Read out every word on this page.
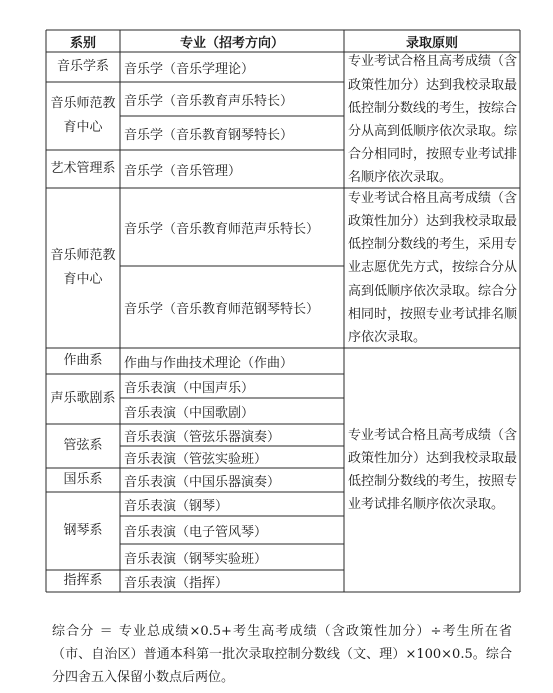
系别	专业（招考方向）	录取原则
音乐学系
音乐师范教育中心
艺术管理系
音乐师范教育中心
作曲系
声乐歌剧系
管弦系
国乐系
钢琴系
指挥系
音乐学（音乐学理论）
音乐学（音乐教育声乐特长）
音乐学（音乐教育钢琴特长）
音乐学（音乐管理）
音乐学（音乐教育师范声乐特长）
音乐学（音乐教育师范钢琴特长）
作曲与作曲技术理论（作曲）
音乐表演（中国声乐）
音乐表演（中国歌剧）
音乐表演（管弦乐器演奏）
音乐表演（管弦实验班）
音乐表演（中国乐器演奏）
音乐表演（钢琴）
音乐表演（电子管风琴）
音乐表演（钢琴实验班）
音乐表演（指挥）
专业考试合格且高考成绩（含政策性加分）达到我校录取最低控制分数线的考生，按综合分从高到低顺序依次录取。综合分相同时，按照专业考试排名顺序依次录取。
专业考试合格且高考成绩（含政策性加分）达到我校录取最低控制分数线的考生，采用专业志愿优先方式，按综合分从高到低顺序依次录取。综合分相同时，按照专业考试排名顺序依次录取。
专业考试合格且高考成绩（含政策性加分）达到我校录取最低控制分数线的考生，按照专业考试排名顺序依次录取。
综合分 ＝ 专业总成绩×0.5+考生高考成绩（含政策性加分）÷考生所在省（市、自治区）普通本科第一批次录取控制分数线（文、理）×100×0.5。综合分四舍五入保留小数点后两位。
